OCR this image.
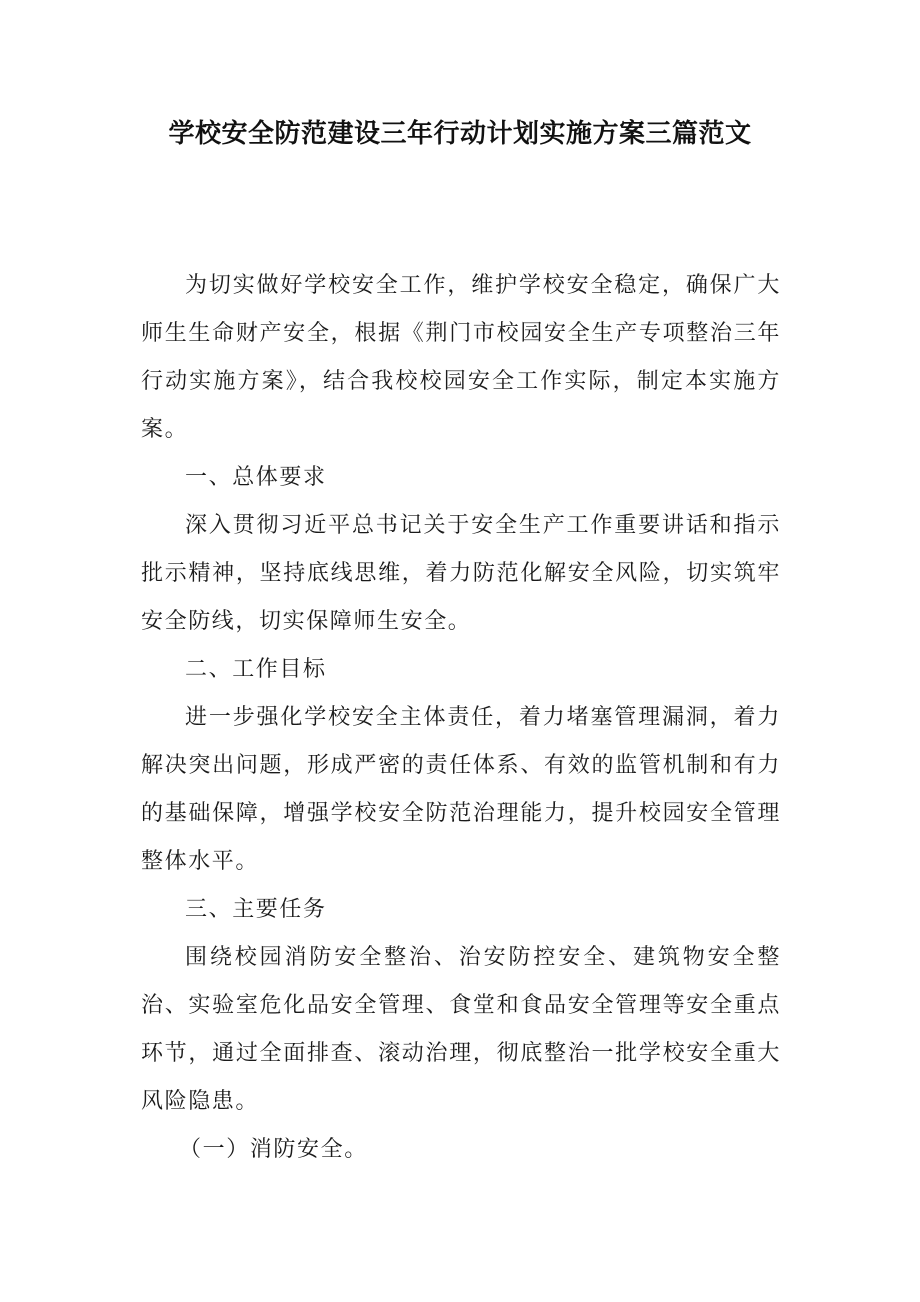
学校安全防范建设三年行动计划实施方案三篇范文

为切实做好学校安全工作，维护学校安全稳定，确保广大师生生命财产安全，根据《荆门市校园安全生产专项整治三年行动实施方案》，结合我校校园安全工作实际，制定本实施方案。

一、总体要求

深入贯彻习近平总书记关于安全生产工作重要讲话和指示批示精神，坚持底线思维，着力防范化解安全风险，切实筑牢安全防线，切实保障师生安全。

二、工作目标

进一步强化学校安全主体责任，着力堵塞管理漏洞，着力解决突出问题，形成严密的责任体系、有效的监管机制和有力的基础保障，增强学校安全防范治理能力，提升校园安全管理整体水平。

三、主要任务

围绕校园消防安全整治、治安防控安全、建筑物安全整治、实验室危化品安全管理、食堂和食品安全管理等安全重点环节，通过全面排查、滚动治理，彻底整治一批学校安全重大风险隐患。

（一）消防安全。
